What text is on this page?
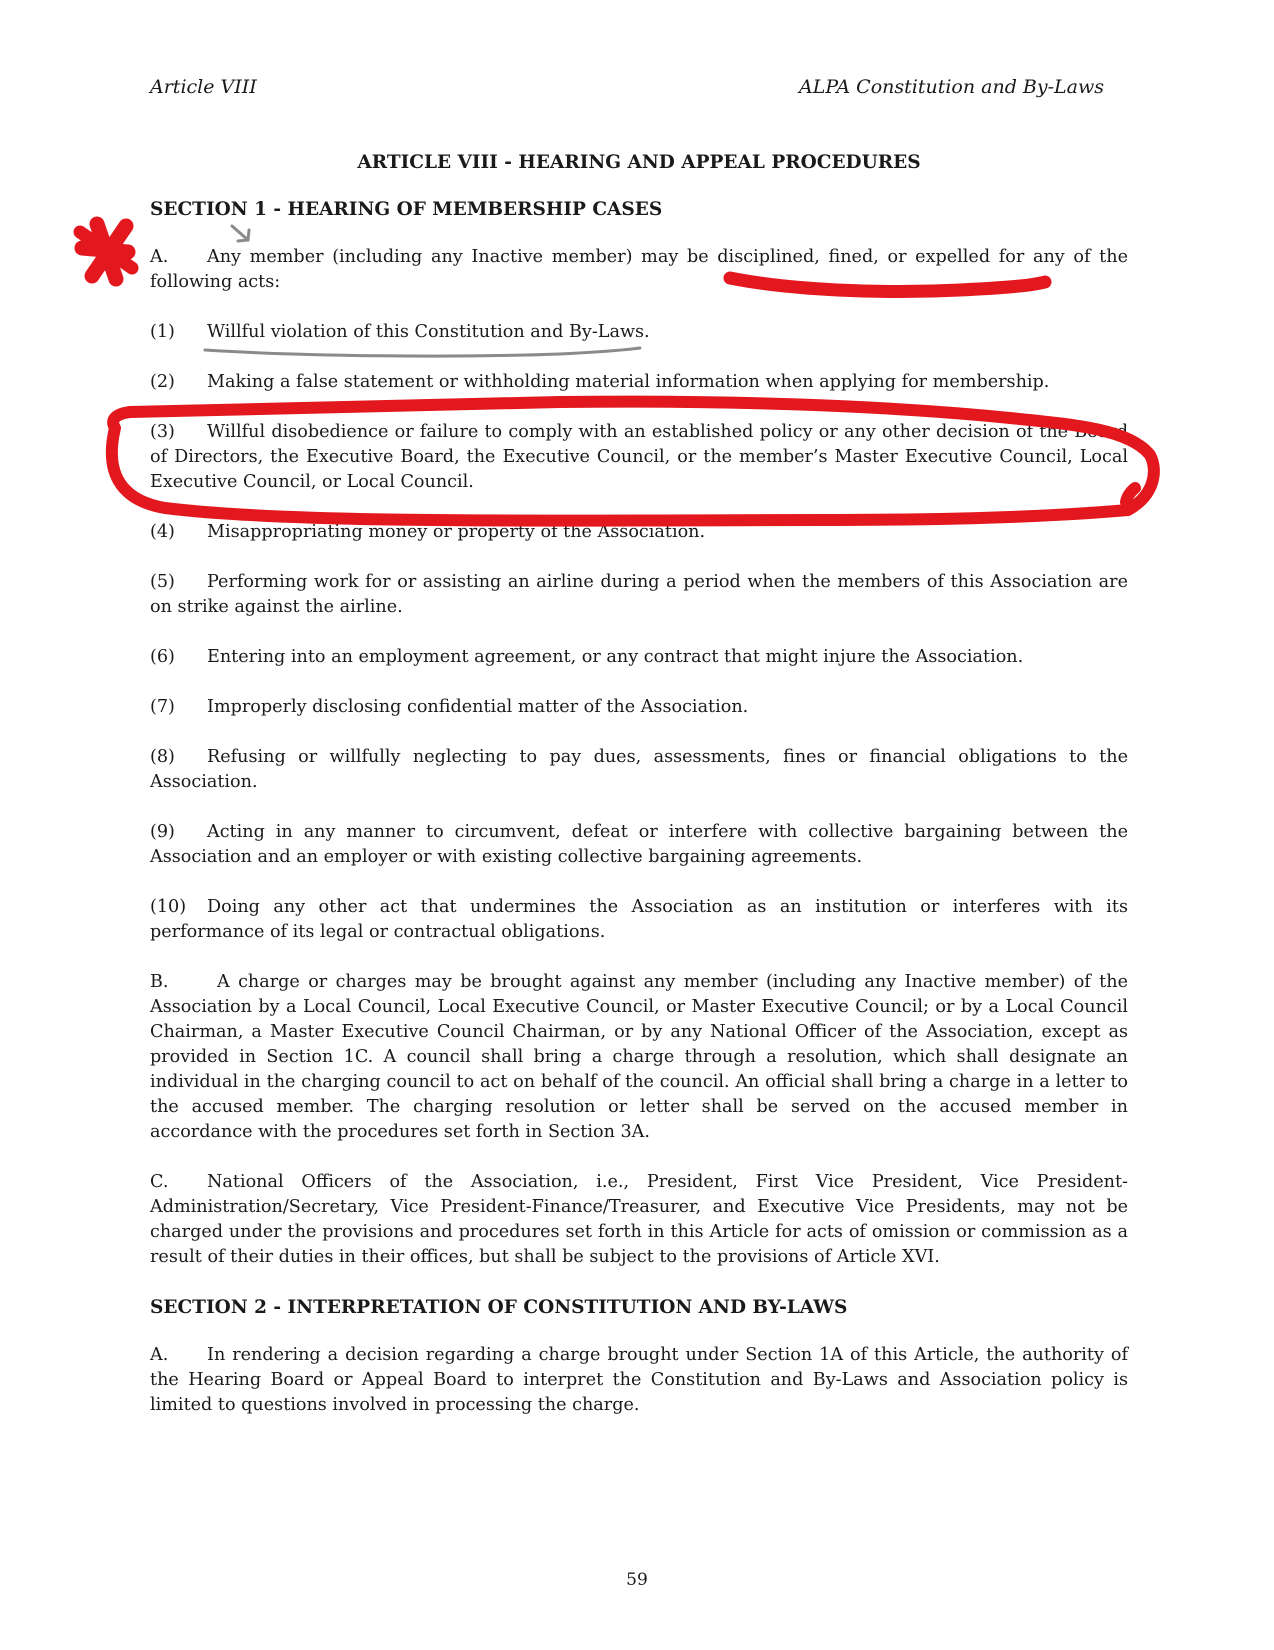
Article VIII	ALPA Constitution and By-Laws
ARTICLE VIII - HEARING AND APPEAL PROCEDURES
SECTION 1 - HEARING OF MEMBERSHIP CASES

A. Any member (including any Inactive member) may be disciplined, fined, or expelled for any of the following acts:

(1) Willful violation of this Constitution and By-Laws.

(2) Making a false statement or withholding material information when applying for membership.

(3) Willful disobedience or failure to comply with an established policy or any other decision of the Board of Directors, the Executive Board, the Executive Council, or the member’s Master Executive Council, Local Executive Council, or Local Council.

(4) Misappropriating money or property of the Association.

(5) Performing work for or assisting an airline during a period when the members of this Association are on strike against the airline.

(6) Entering into an employment agreement, or any contract that might injure the Association.

(7) Improperly disclosing confidential matter of the Association.

(8) Refusing or willfully neglecting to pay dues, assessments, fines or financial obligations to the Association.

(9) Acting in any manner to circumvent, defeat or interfere with collective bargaining between the Association and an employer or with existing collective bargaining agreements.

(10) Doing any other act that undermines the Association as an institution or interferes with its performance of its legal or contractual obligations.

B.	A charge or charges may be brought against any member (including any Inactive member) of the Association by a Local Council, Local Executive Council, or Master Executive Council; or by a Local Council Chairman, a Master Executive Council Chairman, or by any National Officer of the Association, except as provided in Section 1C. A council shall bring a charge through a resolution, which shall designate an individual in the charging council to act on behalf of the council. An official shall bring a charge in a letter to the accused member. The charging resolution or letter shall be served on the accused member in accordance with the procedures set forth in Section 3A.

C. National Officers of the Association, i.e., President, First Vice President, Vice President-Administration/Secretary, Vice President-Finance/Treasurer, and Executive Vice Presidents, may not be charged under the provisions and procedures set forth in this Article for acts of omission or commission as a result of their duties in their offices, but shall be subject to the provisions of Article XVI.

SECTION 2 - INTERPRETATION OF CONSTITUTION AND BY-LAWS

A. In rendering a decision regarding a charge brought under Section 1A of this Article, the authority of the Hearing Board or Appeal Board to interpret the Constitution and By-Laws and Association policy is limited to questions involved in processing the charge.

59
